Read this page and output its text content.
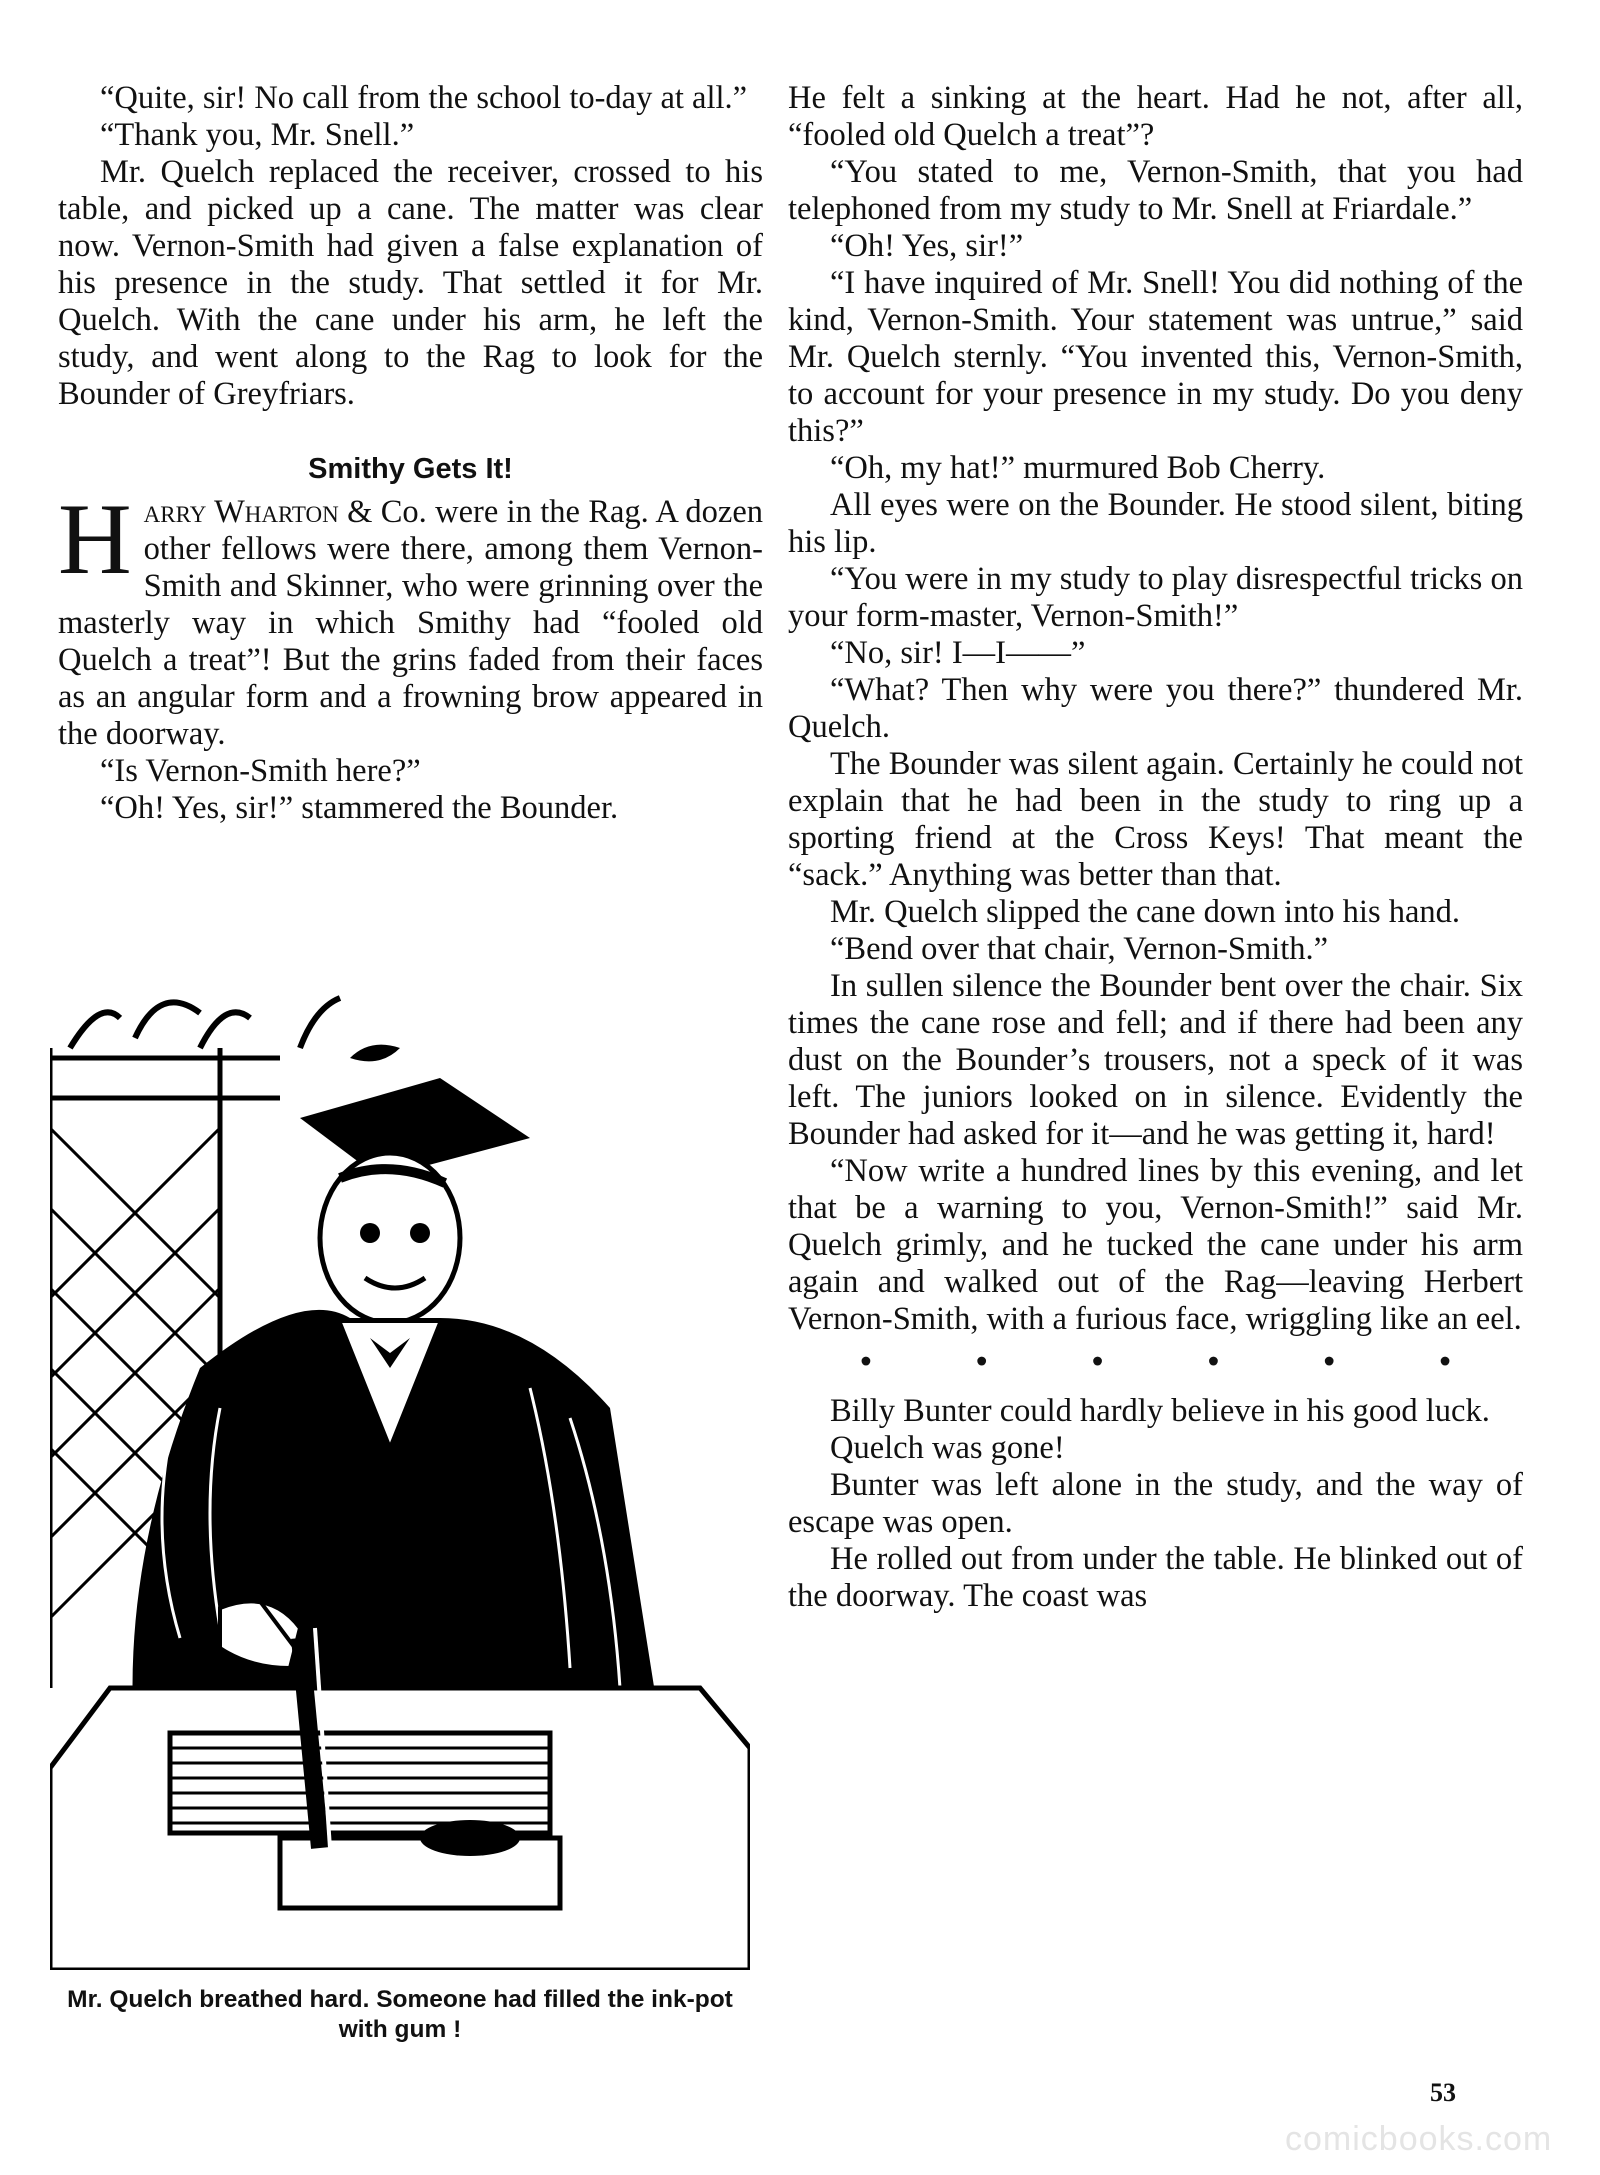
“Quite, sir! No call from the school to-day at all.”

“Thank you, Mr. Snell.”

Mr. Quelch replaced the receiver, crossed to his table, and picked up a cane. The matter was clear now. Vernon-Smith had given a false explanation of his presence in the study. That settled it for Mr. Quelch. With the cane under his arm, he left the study, and went along to the Rag to look for the Bounder of Greyfriars.

Smithy Gets It!

Harry Wharton & Co. were in the Rag. A dozen other fellows were there, among them Vernon-Smith and Skinner, who were grinning over the masterly way in which Smithy had “fooled old Quelch a treat”! But the grins faded from their faces as an angular form and a frowning brow appeared in the doorway.

“Is Vernon-Smith here?”

“Oh! Yes, sir!” stammered the Bounder.

Mr. Quelch breathed hard. Someone had filled the ink-pot with gum !

He felt a sinking at the heart. Had he not, after all, “fooled old Quelch a treat”?

“You stated to me, Vernon-Smith, that you had telephoned from my study to Mr. Snell at Friardale.”

“Oh! Yes, sir!”

“I have inquired of Mr. Snell! You did nothing of the kind, Vernon-Smith. Your statement was untrue,” said Mr. Quelch sternly. “You invented this, Vernon-Smith, to account for your presence in my study. Do you deny this?”

“Oh, my hat!” murmured Bob Cherry.

All eyes were on the Bounder. He stood silent, biting his lip.

“You were in my study to play disrespectful tricks on your form-master, Vernon-Smith!”

“No, sir! I—I——”

“What? Then why were you there?” thundered Mr. Quelch.

The Bounder was silent again. Certainly he could not explain that he had been in the study to ring up a sporting friend at the Cross Keys! That meant the “sack.” Anything was better than that.

Mr. Quelch slipped the cane down into his hand.

“Bend over that chair, Vernon-Smith.”

In sullen silence the Bounder bent over the chair. Six times the cane rose and fell; and if there had been any dust on the Bounder’s trousers, not a speck of it was left. The juniors looked on in silence. Evidently the Bounder had asked for it—and he was getting it, hard!

“Now write a hundred lines by this evening, and let that be a warning to you, Vernon-Smith!” said Mr. Quelch grimly, and he tucked the cane under his arm again and walked out of the Rag—leaving Herbert Vernon-Smith, with a furious face, wriggling like an eel.

•	•	•	•	•	•

Billy Bunter could hardly believe in his good luck.

Quelch was gone!

Bunter was left alone in the study, and the way of escape was open.

He rolled out from under the table. He blinked out of the doorway. The coast was

53
comicbooks.com
